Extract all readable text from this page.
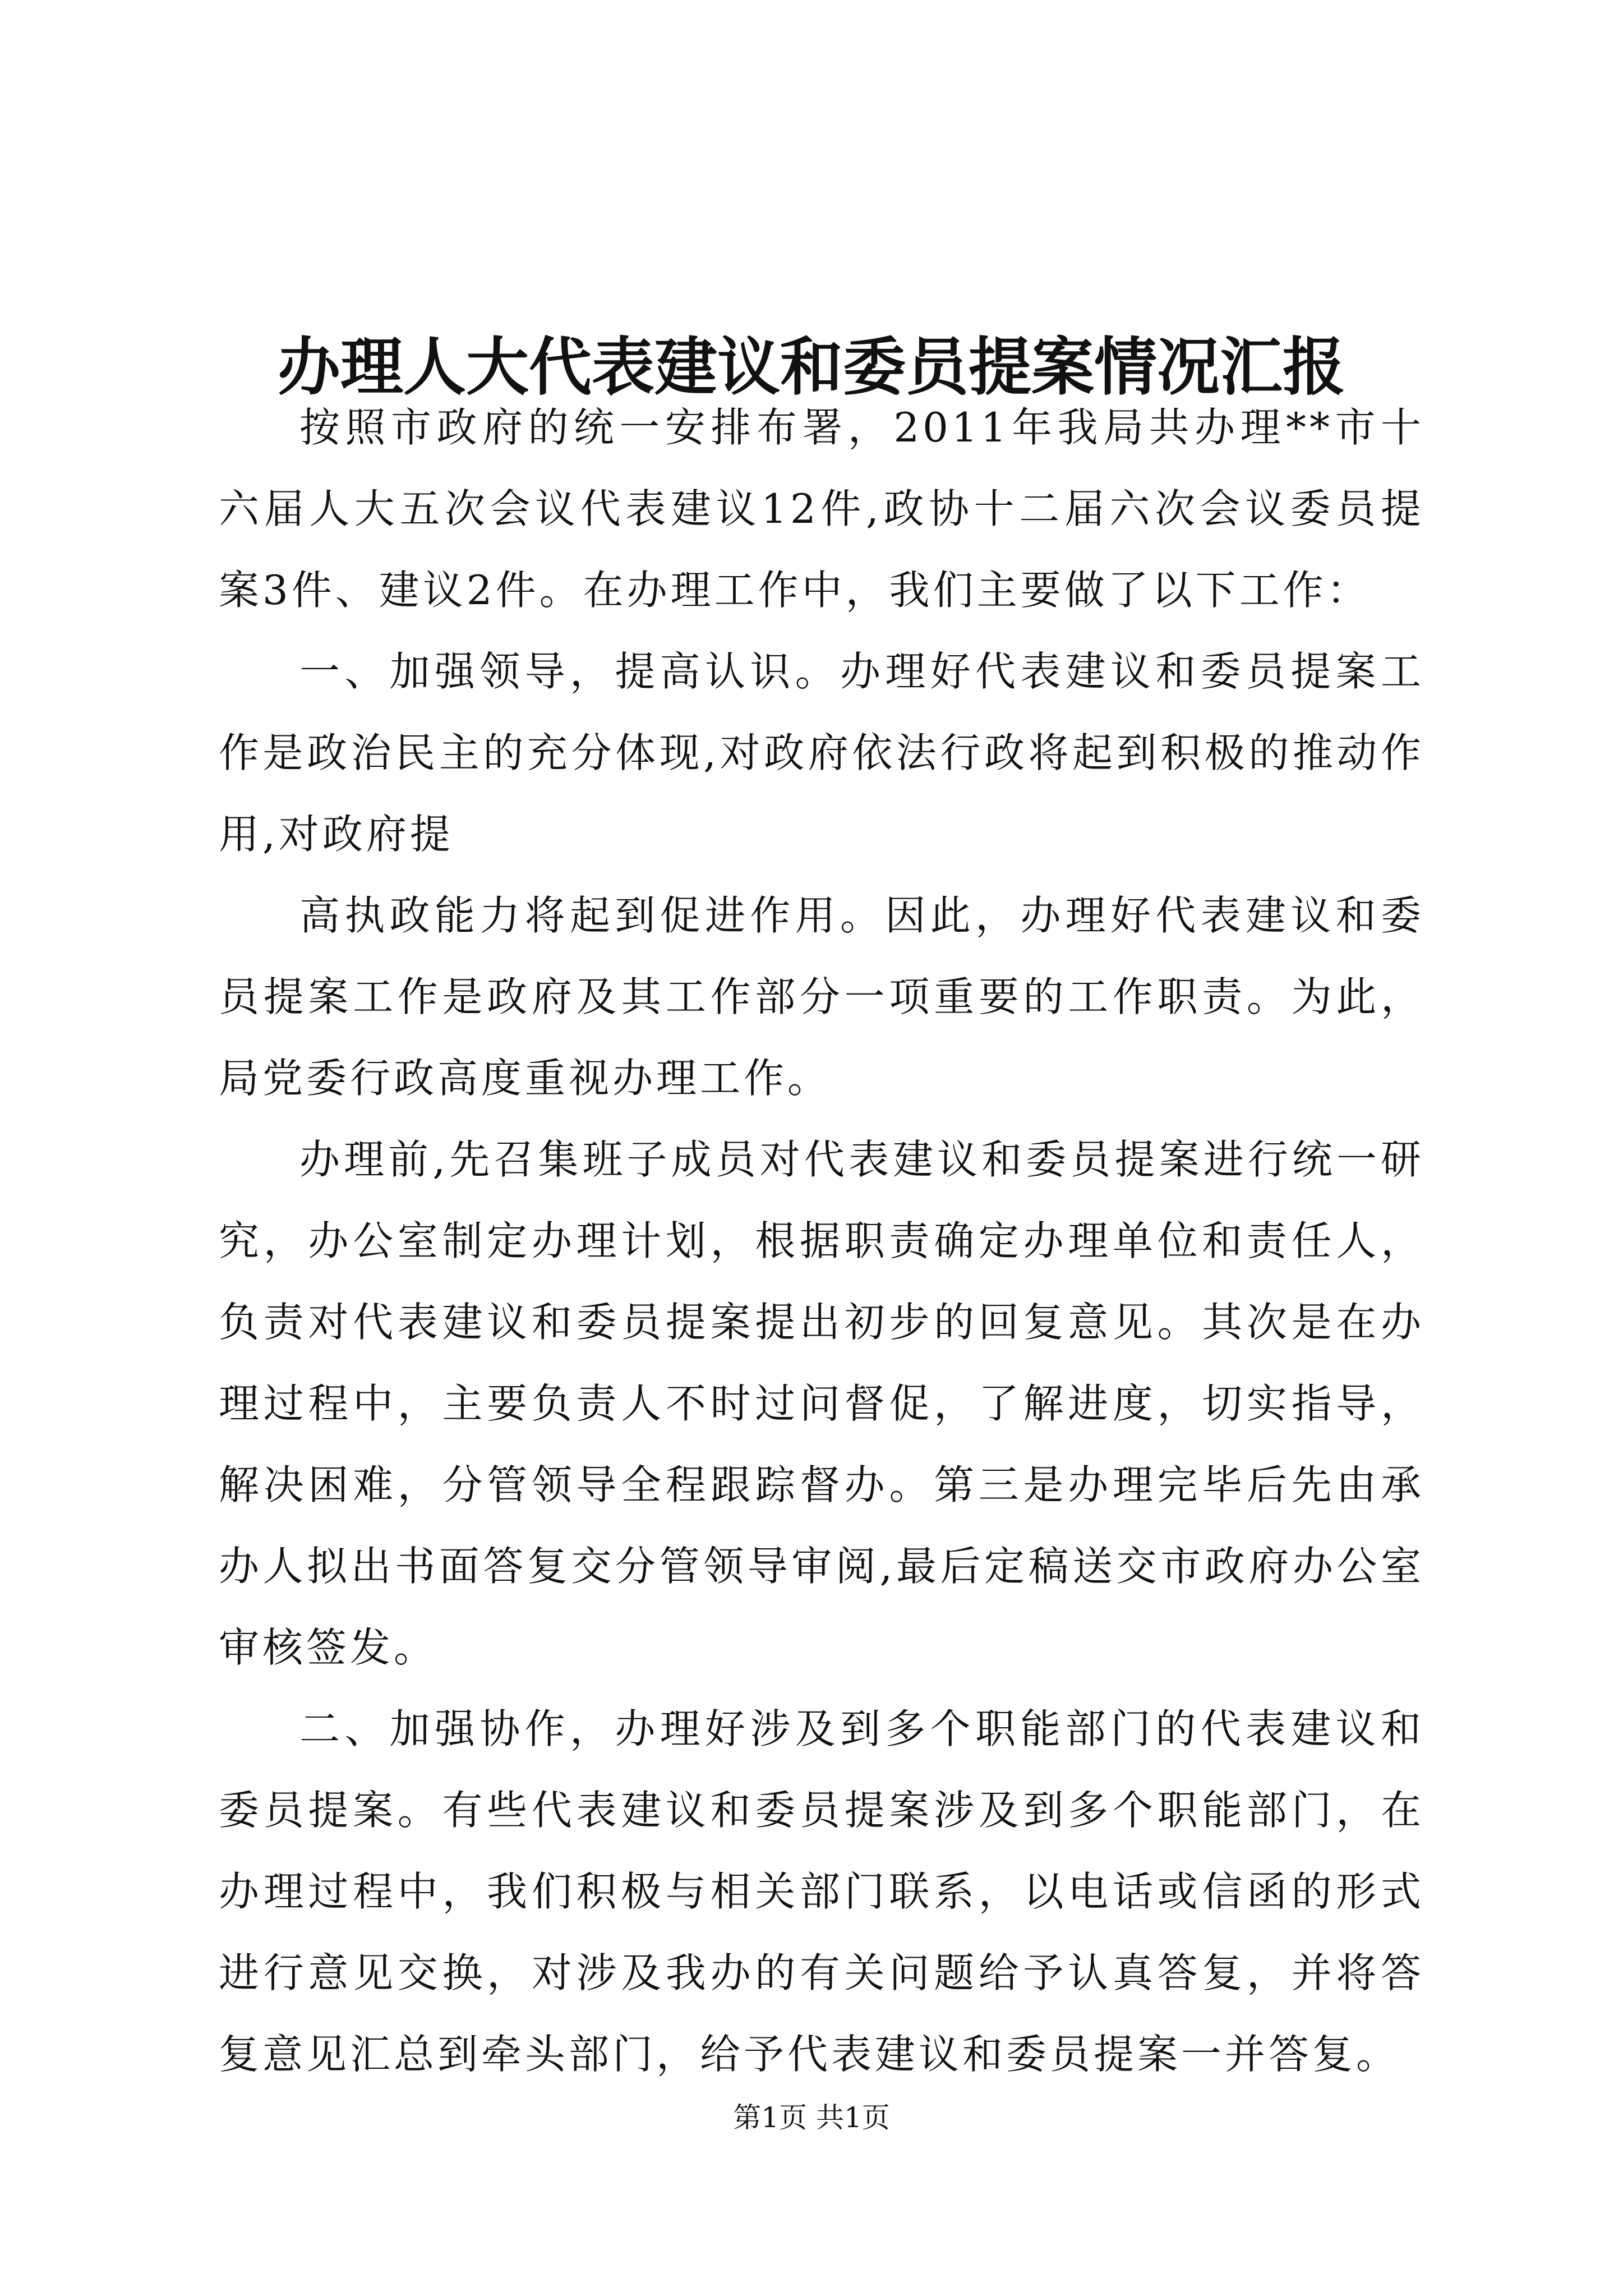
办理人大代表建议和委员提案情况汇报

按照市政府的统一安排布署，2011年我局共办理**市十六届人大五次会议代表建议12件,政协十二届六次会议委员提案3件、建议2件。在办理工作中，我们主要做了以下工作：

一、加强领导，提高认识。办理好代表建议和委员提案工作是政治民主的充分体现,对政府依法行政将起到积极的推动作用,对政府提

高执政能力将起到促进作用。因此，办理好代表建议和委员提案工作是政府及其工作部分一项重要的工作职责。为此，局党委行政高度重视办理工作。

办理前,先召集班子成员对代表建议和委员提案进行统一研究，办公室制定办理计划，根据职责确定办理单位和责任人，负责对代表建议和委员提案提出初步的回复意见。其次是在办理过程中，主要负责人不时过问督促，了解进度，切实指导，解决困难，分管领导全程跟踪督办。第三是办理完毕后先由承办人拟出书面答复交分管领导审阅,最后定稿送交市政府办公室审核签发。

二、加强协作，办理好涉及到多个职能部门的代表建议和委员提案。有些代表建议和委员提案涉及到多个职能部门，在办理过程中，我们积极与相关部门联系，以电话或信函的形式进行意见交换，对涉及我办的有关问题给予认真答复，并将答复意见汇总到牵头部门，给予代表建议和委员提案一并答复。

第1页 共1页
